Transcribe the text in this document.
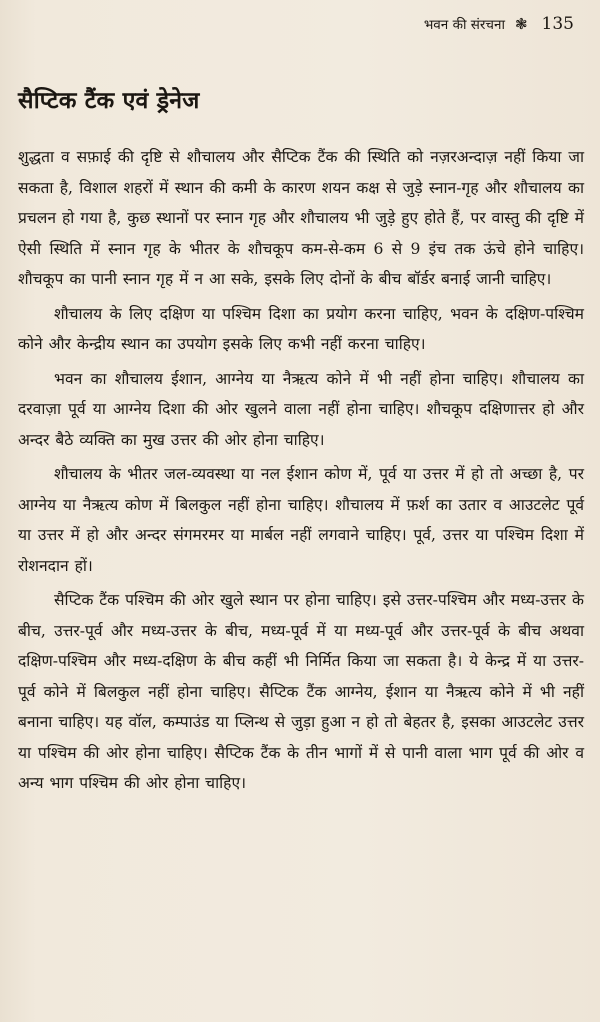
भवन की संरचना ❃ 135
सैप्टिक टैंक एवं ड्रेनेज

शुद्धता व सफ़ाई की दृष्टि से शौचालय और सैप्टिक टैंक की स्थिति को नज़रअन्दाज़ नहीं किया जा सकता है, विशाल शहरों में स्थान की कमी के कारण शयन कक्ष से जुड़े स्नान-गृह और शौचालय का प्रचलन हो गया है, कुछ स्थानों पर स्नान गृह और शौचालय भी जुड़े हुए होते हैं, पर वास्तु की दृष्टि में ऐसी स्थिति में स्नान गृह के भीतर के शौचकूप कम-से-कम 6 से 9 इंच तक ऊंचे होने चाहिए। शौचकूप का पानी स्नान गृह में न आ सके, इसके लिए दोनों के बीच बॉर्डर बनाई जानी चाहिए।

शौचालय के लिए दक्षिण या पश्चिम दिशा का प्रयोग करना चाहिए, भवन के दक्षिण-पश्चिम कोने और केन्द्रीय स्थान का उपयोग इसके लिए कभी नहीं करना चाहिए।

भवन का शौचालय ईशान, आग्नेय या नैऋत्य कोने में भी नहीं होना चाहिए। शौचालय का दरवाज़ा पूर्व या आग्नेय दिशा की ओर खुलने वाला नहीं होना चाहिए। शौचकूप दक्षिणात्तर हो और अन्दर बैठे व्यक्ति का मुख उत्तर की ओर होना चाहिए।

शौचालय के भीतर जल-व्यवस्था या नल ईशान कोण में, पूर्व या उत्तर में हो तो अच्छा है, पर आग्नेय या नैऋत्य कोण में बिलकुल नहीं होना चाहिए। शौचालय में फ़र्श का उतार व आउटलेट पूर्व या उत्तर में हो और अन्दर संगमरमर या मार्बल नहीं लगवाने चाहिए। पूर्व, उत्तर या पश्चिम दिशा में रोशनदान हों।

सैप्टिक टैंक पश्चिम की ओर खुले स्थान पर होना चाहिए। इसे उत्तर-पश्चिम और मध्य-उत्तर के बीच, उत्तर-पूर्व और मध्य-उत्तर के बीच, मध्य-पूर्व में या मध्य-पूर्व और उत्तर-पूर्व के बीच अथवा दक्षिण-पश्चिम और मध्य-दक्षिण के बीच कहीं भी निर्मित किया जा सकता है। ये केन्द्र में या उत्तर-पूर्व कोने में बिलकुल नहीं होना चाहिए। सैप्टिक टैंक आग्नेय, ईशान या नैऋत्य कोने में भी नहीं बनाना चाहिए। यह वॉल, कम्पाउंड या प्लिन्थ से जुड़ा हुआ न हो तो बेहतर है, इसका आउटलेट उत्तर या पश्चिम की ओर होना चाहिए। सैप्टिक टैंक के तीन भागों में से पानी वाला भाग पूर्व की ओर व अन्य भाग पश्चिम की ओर होना चाहिए।
